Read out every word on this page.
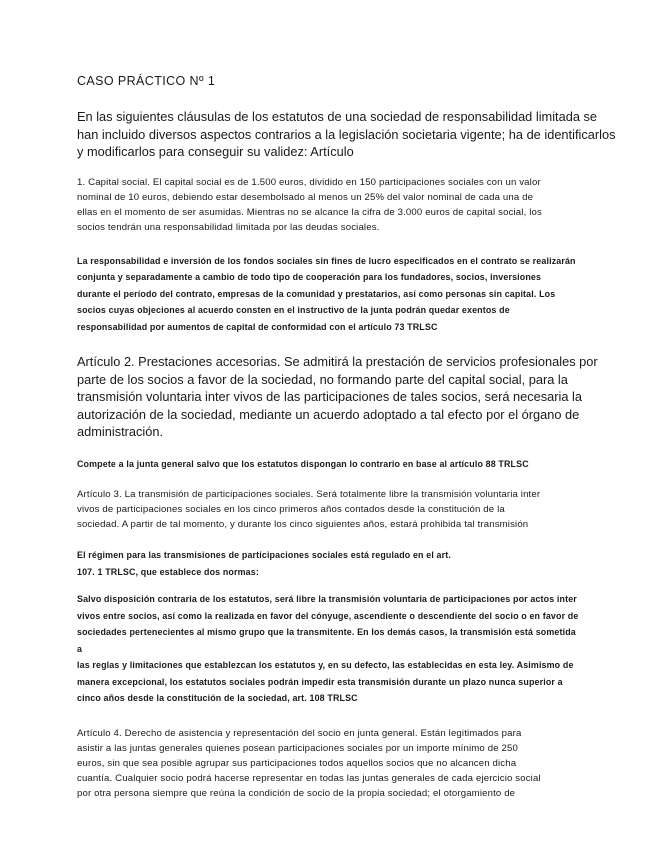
CASO PRÁCTICO Nº 1

En las siguientes cláusulas de los estatutos de una sociedad de responsabilidad limitada se
han incluido diversos aspectos contrarios a la legislación societaria vigente; ha de identificarlos
y modificarlos para conseguir su validez: Artículo

1. Capital social. El capital social es de 1.500 euros, dividido en 150 participaciones sociales con un valor
nominal de 10 euros, debiendo estar desembolsado al menos un 25% del valor nominal de cada una de
ellas en el momento de ser asumidas. Mientras no se alcance la cifra de 3.000 euros de capital social, los
socios tendrán una responsabilidad limitada por las deudas sociales.

La responsabilidad e inversión de los fondos sociales sin fines de lucro especificados en el contrato se realizarán
conjunta y separadamente a cambio de todo tipo de cooperación para los fundadores, socios, inversiones
durante el período del contrato, empresas de la comunidad y prestatarios, así como personas sin capital. Los
socios cuyas objeciones al acuerdo consten en el instructivo de la junta podrán quedar exentos de
responsabilidad por aumentos de capital de conformidad con el artículo 73 TRLSC

Artículo 2. Prestaciones accesorias. Se admitirá la prestación de servicios profesionales por
parte de los socios a favor de la sociedad, no formando parte del capital social, para la
transmisión voluntaria inter vivos de las participaciones de tales socios, será necesaria la
autorización de la sociedad, mediante un acuerdo adoptado a tal efecto por el órgano de
administración.

Compete a la junta general salvo que los estatutos dispongan lo contrario en base al artículo 88 TRLSC

Artículo 3. La transmisión de participaciones sociales. Será totalmente libre la transmisión voluntaria inter
vivos de participaciones sociales en los cinco primeros años contados desde la constitución de la
sociedad. A partir de tal momento, y durante los cinco siguientes años, estará prohibida tal transmisión

El régimen para las transmisiones de participaciones sociales está regulado en el art.
107. 1 TRLSC, que establece dos normas:

Salvo disposición contraria de los estatutos, será libre la transmisión voluntaria de participaciones por actos inter
vivos entre socios, así como la realizada en favor del cónyuge, ascendiente o descendiente del socio o en favor de
sociedades pertenecientes al mismo grupo que la transmitente. En los demás casos, la transmisión está sometida
a
las reglas y limitaciones que establezcan los estatutos y, en su defecto, las establecidas en esta ley. Asimismo de
manera excepcional, los estatutos sociales podrán impedir esta transmisión durante un plazo nunca superior a
cinco años desde la constitución de la sociedad, art. 108 TRLSC

Artículo 4. Derecho de asistencia y representación del socio en junta general. Están legitimados para
asistir a las juntas generales quienes posean participaciones sociales por un importe mínimo de 250
euros, sin que sea posible agrupar sus participaciones todos aquellos socios que no alcancen dicha
cuantía. Cualquier socio podrá hacerse representar en todas las juntas generales de cada ejercicio social
por otra persona siempre que reúna la condición de socio de la propia sociedad; el otorgamiento de
